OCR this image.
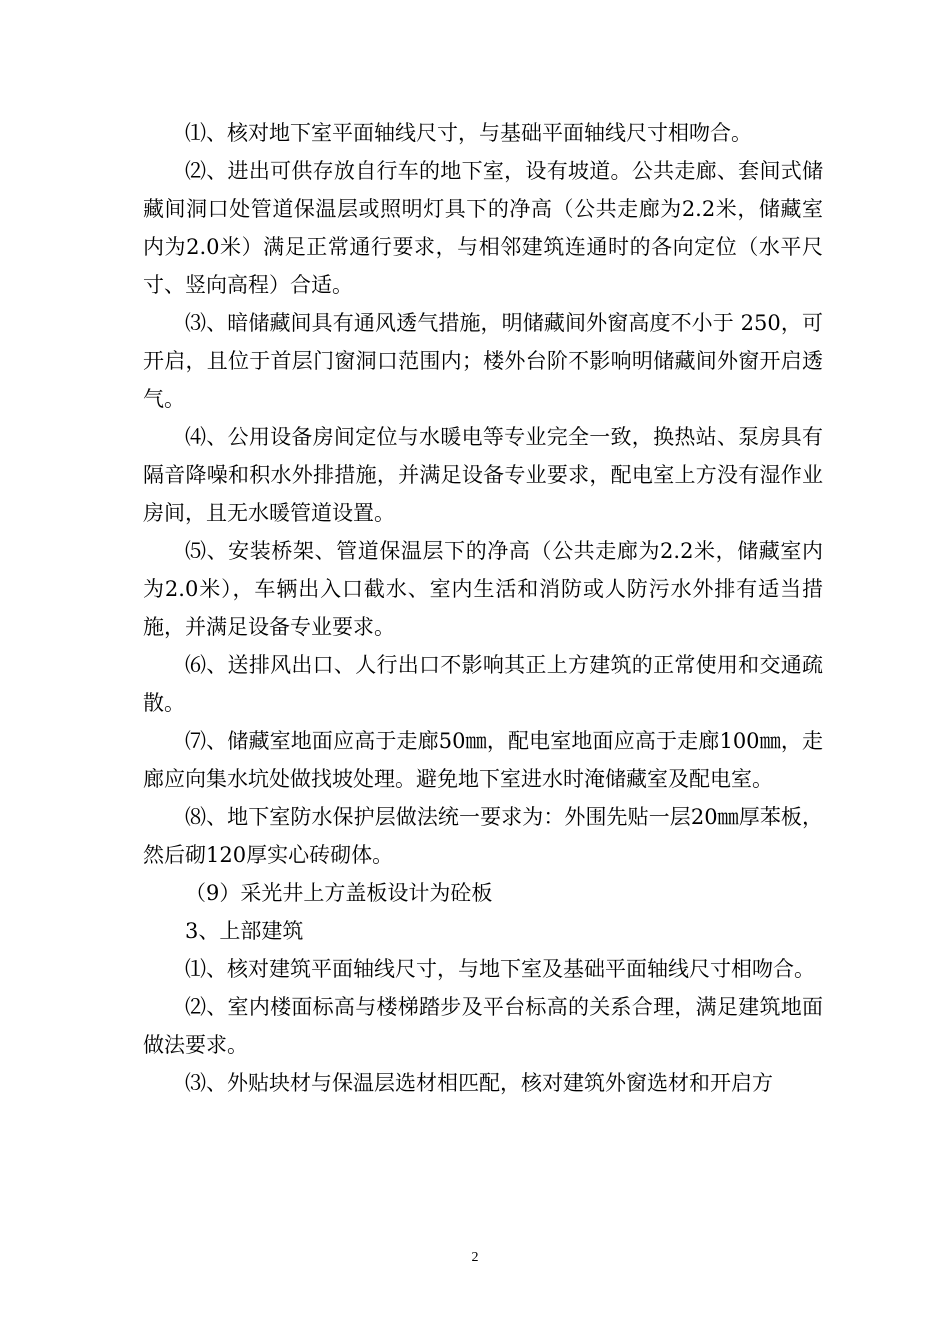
⑴、核对地下室平面轴线尺寸，与基础平面轴线尺寸相吻合。

⑵、进出可供存放自行车的地下室，设有坡道。公共走廊、套间式储藏间洞口处管道保温层或照明灯具下的净高（公共走廊为2.2米，储藏室内为2.0米）满足正常通行要求，与相邻建筑连通时的各向定位（水平尺寸、竖向高程）合适。

⑶、暗储藏间具有通风透气措施，明储藏间外窗高度不小于 250，可开启，且位于首层门窗洞口范围内；楼外台阶不影响明储藏间外窗开启透气。

⑷、公用设备房间定位与水暖电等专业完全一致，换热站、泵房具有隔音降噪和积水外排措施，并满足设备专业要求，配电室上方没有湿作业房间，且无水暖管道设置。

⑸、安装桥架、管道保温层下的净高（公共走廊为2.2米，储藏室内为2.0米），车辆出入口截水、室内生活和消防或人防污水外排有适当措施，并满足设备专业要求。

⑹、送排风出口、人行出口不影响其正上方建筑的正常使用和交通疏散。

⑺、储藏室地面应高于走廊50㎜，配电室地面应高于走廊100㎜，走廊应向集水坑处做找坡处理。避免地下室进水时淹储藏室及配电室。

⑻、地下室防水保护层做法统一要求为：外围先贴一层20㎜厚苯板，然后砌120厚实心砖砌体。

（9）采光井上方盖板设计为砼板

3、上部建筑

⑴、核对建筑平面轴线尺寸，与地下室及基础平面轴线尺寸相吻合。

⑵、室内楼面标高与楼梯踏步及平台标高的关系合理，满足建筑地面做法要求。

⑶、外贴块材与保温层选材相匹配，核对建筑外窗选材和开启方

2
